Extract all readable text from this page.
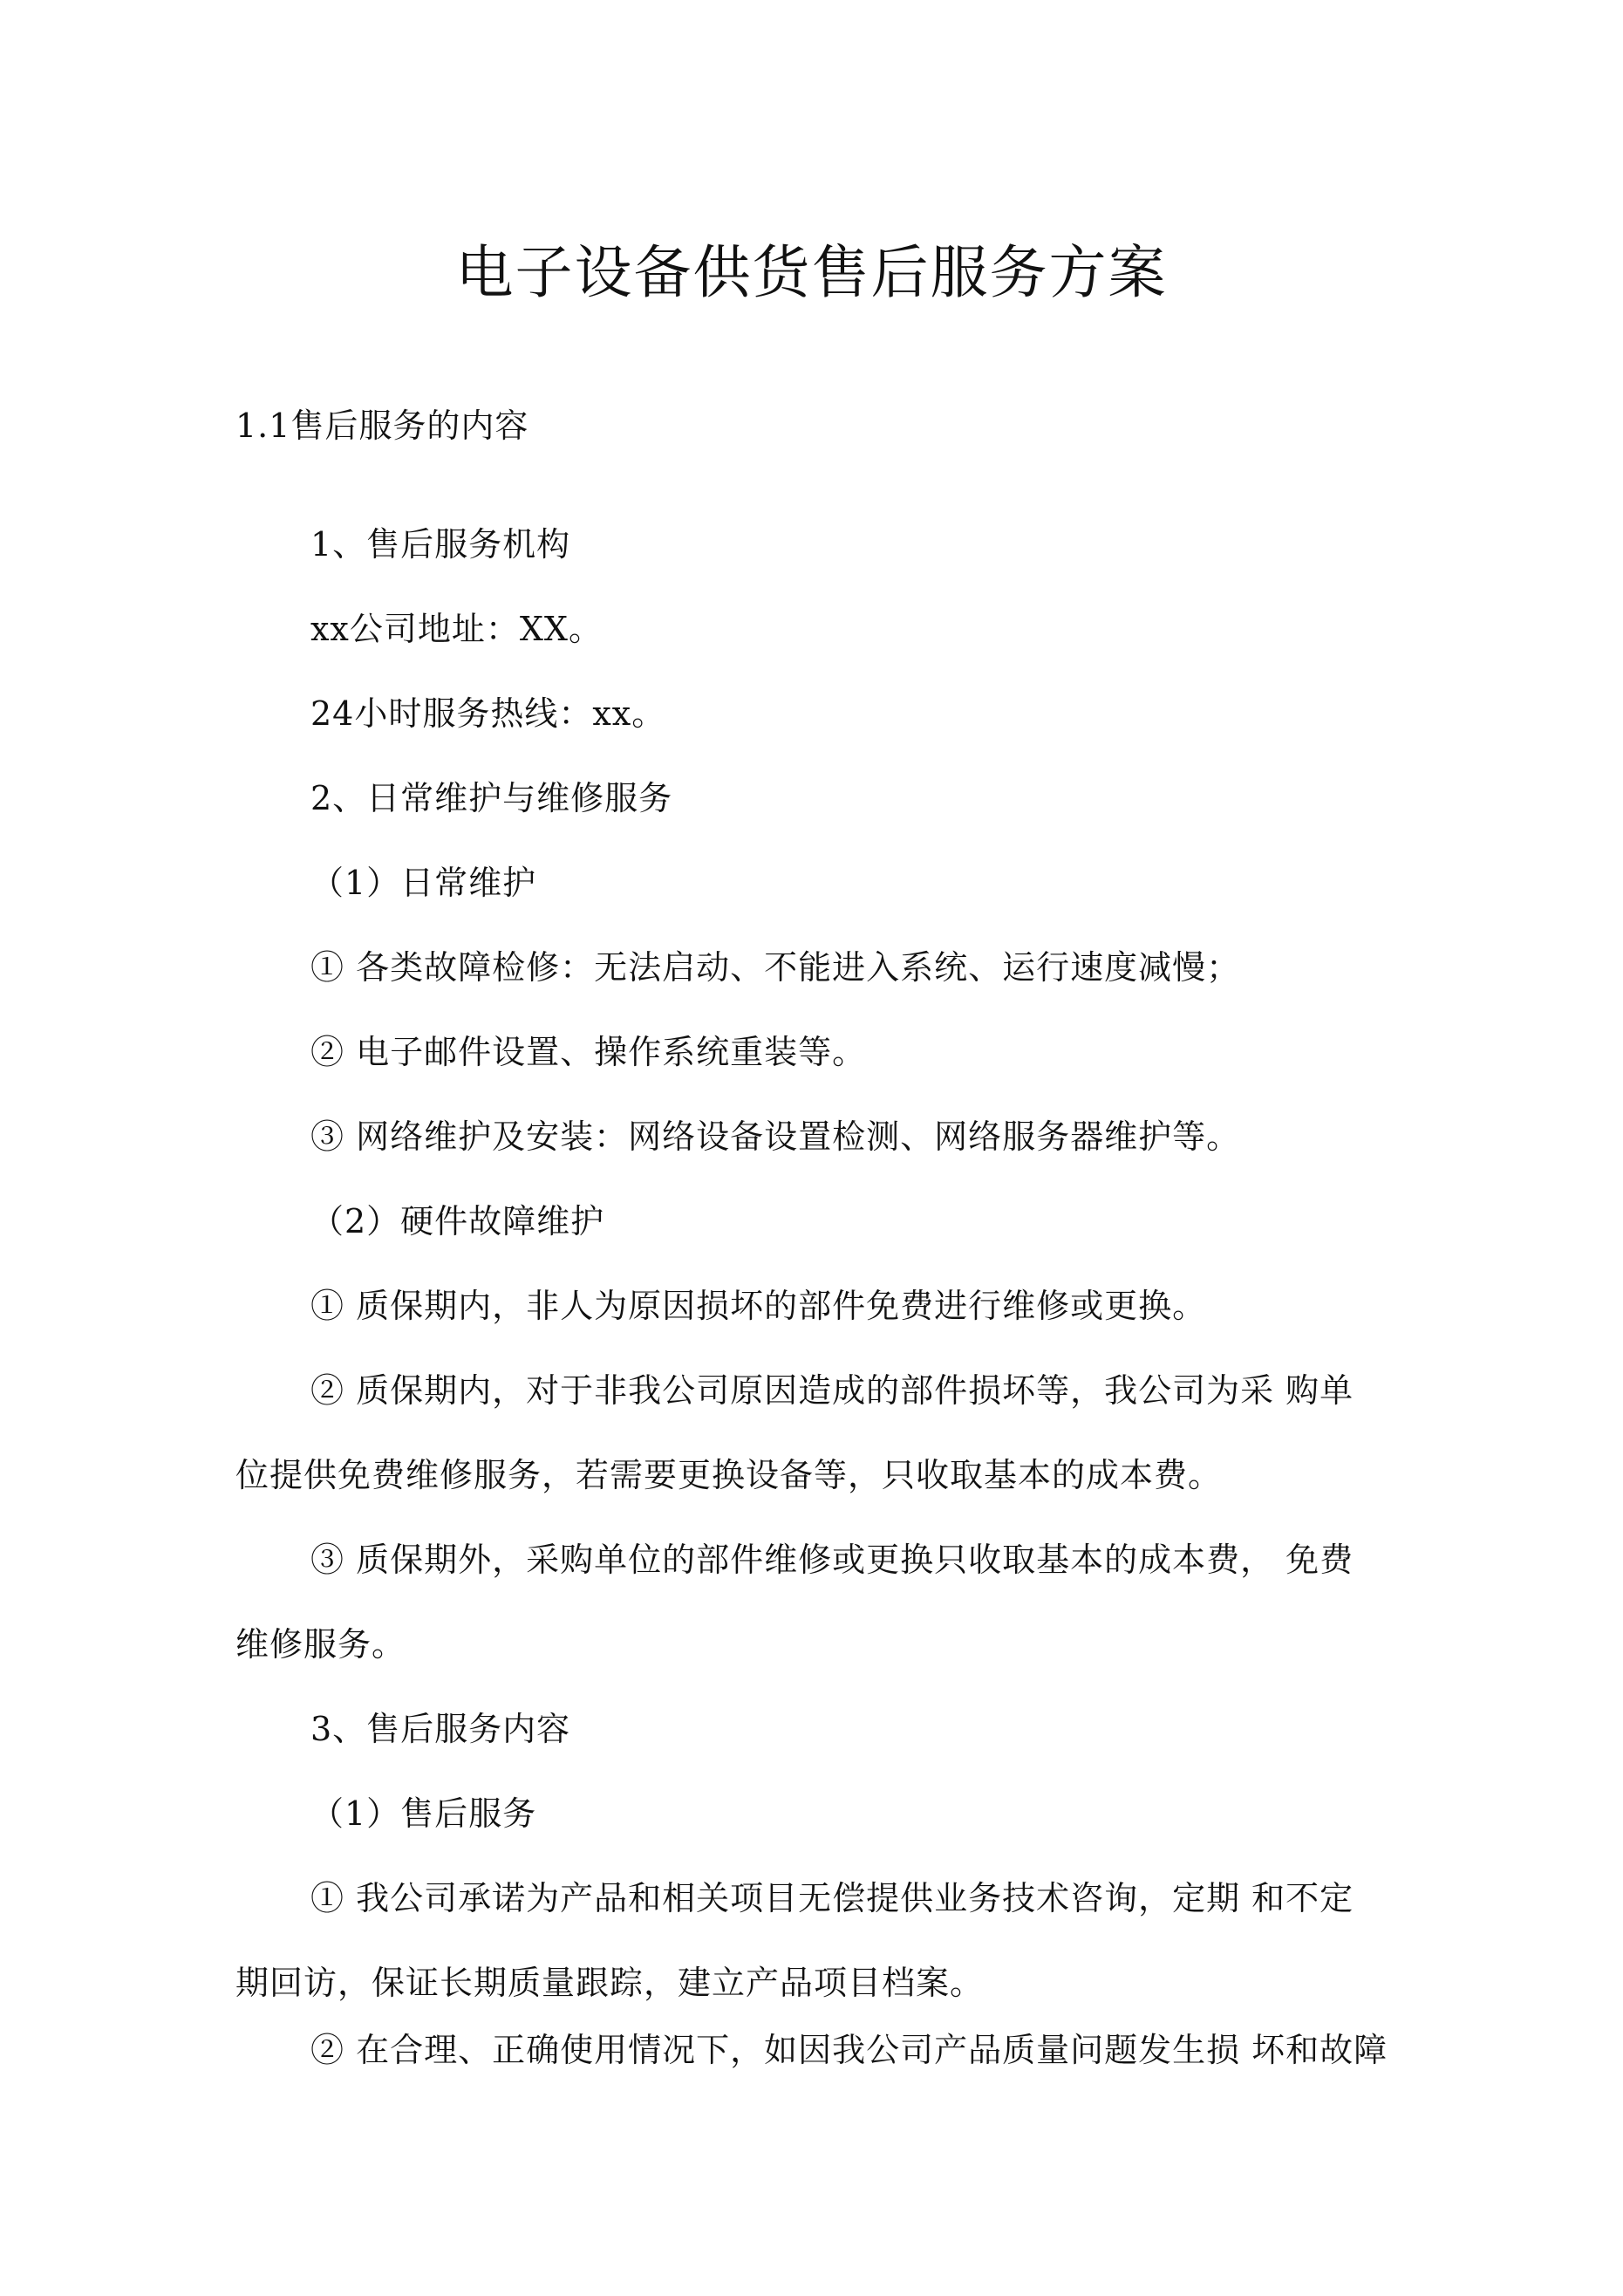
电子设备供货售后服务方案
1.1售后服务的内容
1、售后服务机构
xx公司地址：XX。
24小时服务热线：xx。
2、日常维护与维修服务
（1）日常维护
① 各类故障检修：无法启动、不能进入系统、运行速度减慢；
② 电子邮件设置、操作系统重装等。
③ 网络维护及安装：网络设备设置检测、网络服务器维护等。
（2）硬件故障维护
① 质保期内，非人为原因损坏的部件免费进行维修或更换。
② 质保期内，对于非我公司原因造成的部件损坏等，我公司为采 购单
位提供免费维修服务，若需要更换设备等，只收取基本的成本费。
③ 质保期外，采购单位的部件维修或更换只收取基本的成本费， 免费
维修服务。
3、售后服务内容
（1）售后服务
① 我公司承诺为产品和相关项目无偿提供业务技术咨询，定期 和不定
期回访，保证长期质量跟踪，建立产品项目档案。
② 在合理、正确使用情况下，如因我公司产品质量问题发生损 坏和故障
